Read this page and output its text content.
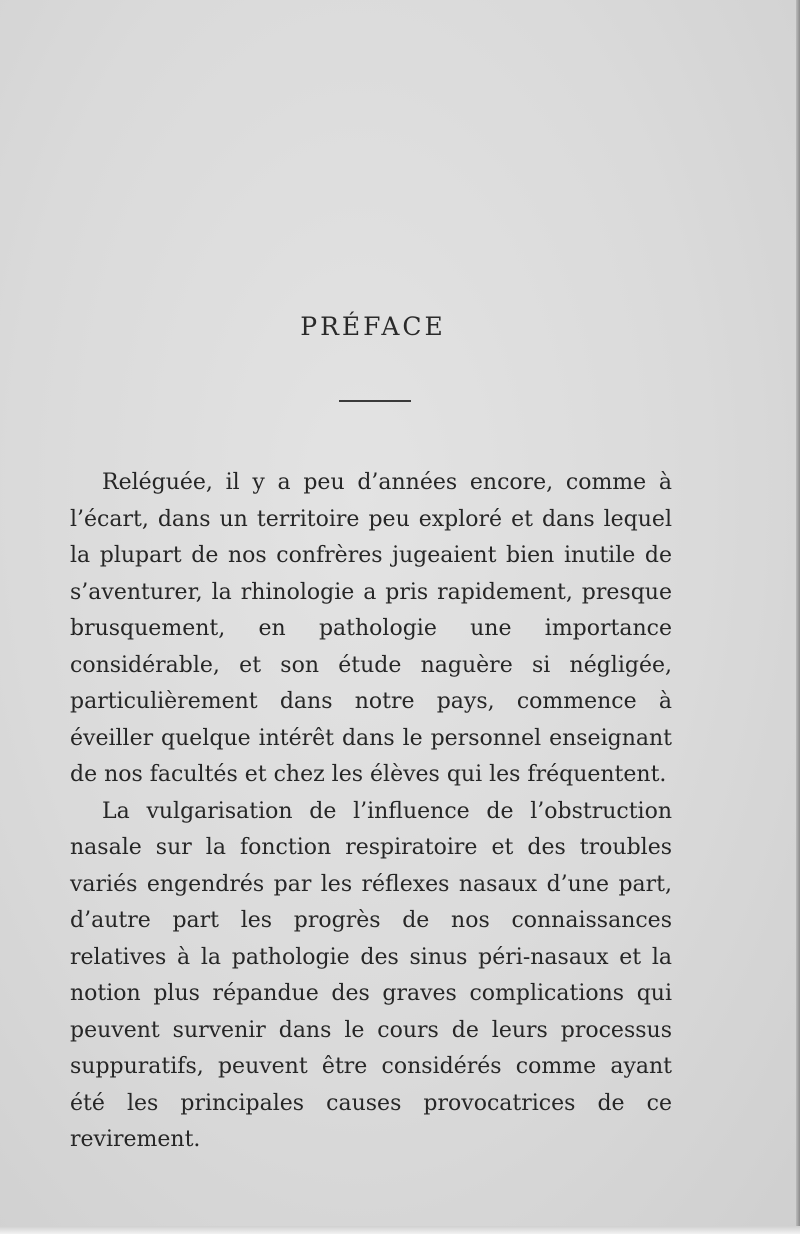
PRÉFACE

Reléguée, il y a peu d’années encore, comme à l’écart, dans un territoire peu exploré et dans lequel la plupart de nos confrères jugeaient bien inutile de s’aventurer, la rhinologie a pris rapidement, presque brusquement, en pathologie une importance considérable, et son étude naguère si négligée, particulièrement dans notre pays, commence à éveiller quelque intérêt dans le personnel enseignant de nos facultés et chez les élèves qui les fréquentent.

La vulgarisation de l’influence de l’obstruction nasale sur la fonction respiratoire et des troubles variés engendrés par les réflexes nasaux d’une part, d’autre part les progrès de nos connaissances relatives à la pathologie des sinus péri-nasaux et la notion plus répandue des graves complications qui peuvent survenir dans le cours de leurs processus suppuratifs, peuvent être considérés comme ayant été les principales causes provocatrices de ce revirement.
